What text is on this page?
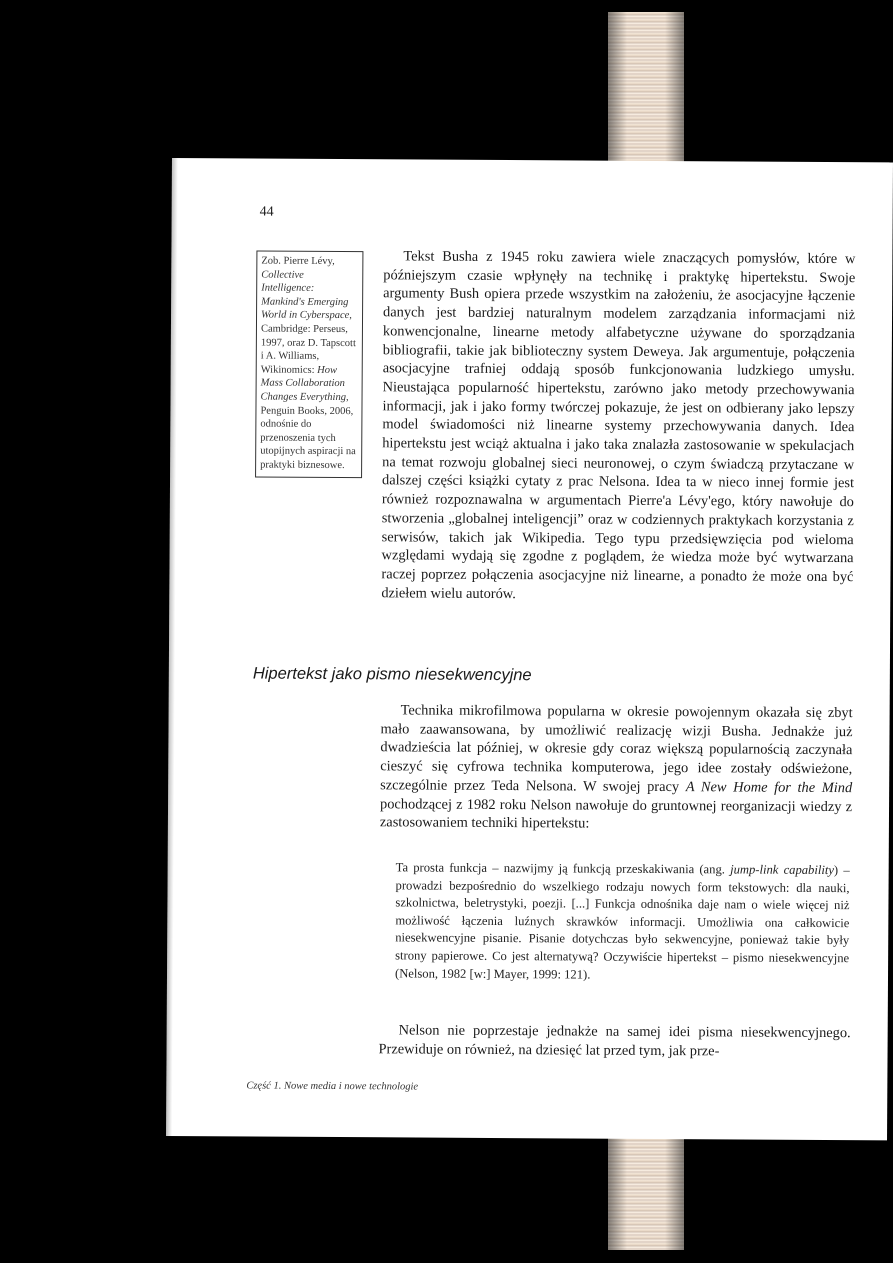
44
Zob. Pierre Lévy, Collective Intelligence: Mankind's Emerging World in Cyberspace, Cambridge: Perseus, 1997, oraz D. Tapscott i A. Williams, Wikinomics: How Mass Collaboration Changes Everything, Penguin Books, 2006, odnośnie do przenoszenia tych utopijnych aspiracji na praktyki biznesowe.

Tekst Busha z 1945 roku zawiera wiele znaczących pomysłów, które w późniejszym czasie wpłynęły na technikę i praktykę hipertekstu. Swoje argumenty Bush opiera przede wszystkim na założeniu, że asocjacyjne łączenie danych jest bardziej naturalnym modelem zarządzania informacjami niż konwencjonalne, linearne metody alfabetyczne używane do sporządzania bibliografii, takie jak biblioteczny system Deweya. Jak argumentuje, połączenia asocjacyjne trafniej oddają sposób funkcjonowania ludzkiego umysłu. Nieustająca popularność hipertekstu, zarówno jako metody przechowywania informacji, jak i jako formy twórczej pokazuje, że jest on odbierany jako lepszy model świadomości niż linearne systemy przechowywania danych. Idea hipertekstu jest wciąż aktualna i jako taka znalazła zastosowanie w spekulacjach na temat rozwoju globalnej sieci neuronowej, o czym świadczą przytaczane w dalszej części książki cytaty z prac Nelsona. Idea ta w nieco innej formie jest również rozpoznawalna w argumentach Pierre'a Lévy'ego, który nawołuje do stworzenia „globalnej inteligencji” oraz w codziennych praktykach korzystania z serwisów, takich jak Wikipedia. Tego typu przedsięwzięcia pod wieloma względami wydają się zgodne z poglądem, że wiedza może być wytwarzana raczej poprzez połączenia asocjacyjne niż linearne, a ponadto że może ona być dziełem wielu autorów.

Hipertekst jako pismo niesekwencyjne

Technika mikrofilmowa popularna w okresie powojennym okazała się zbyt mało zaawansowana, by umożliwić realizację wizji Busha. Jednakże już dwadzieścia lat później, w okresie gdy coraz większą popularnością zaczynała cieszyć się cyfrowa technika komputerowa, jego idee zostały odświeżone, szczególnie przez Teda Nelsona. W swojej pracy A New Home for the Mind pochodzącej z 1982 roku Nelson nawołuje do gruntownej reorganizacji wiedzy z zastosowaniem techniki hipertekstu:

Ta prosta funkcja – nazwijmy ją funkcją przeskakiwania (ang. jump-link capability) – prowadzi bezpośrednio do wszelkiego rodzaju nowych form tekstowych: dla nauki, szkolnictwa, beletrystyki, poezji. [...] Funkcja odnośnika daje nam o wiele więcej niż możliwość łączenia luźnych skrawków informacji. Umożliwia ona całkowicie niesekwencyjne pisanie. Pisanie dotychczas było sekwencyjne, ponieważ takie były strony papierowe. Co jest alternatywą? Oczywiście hipertekst – pismo niesekwencyjne (Nelson, 1982 [w:] Mayer, 1999: 121).

Nelson nie poprzestaje jednakże na samej idei pisma niesekwencyjnego. Przewiduje on również, na dziesięć lat przed tym, jak prze-

Część 1. Nowe media i nowe technologie
